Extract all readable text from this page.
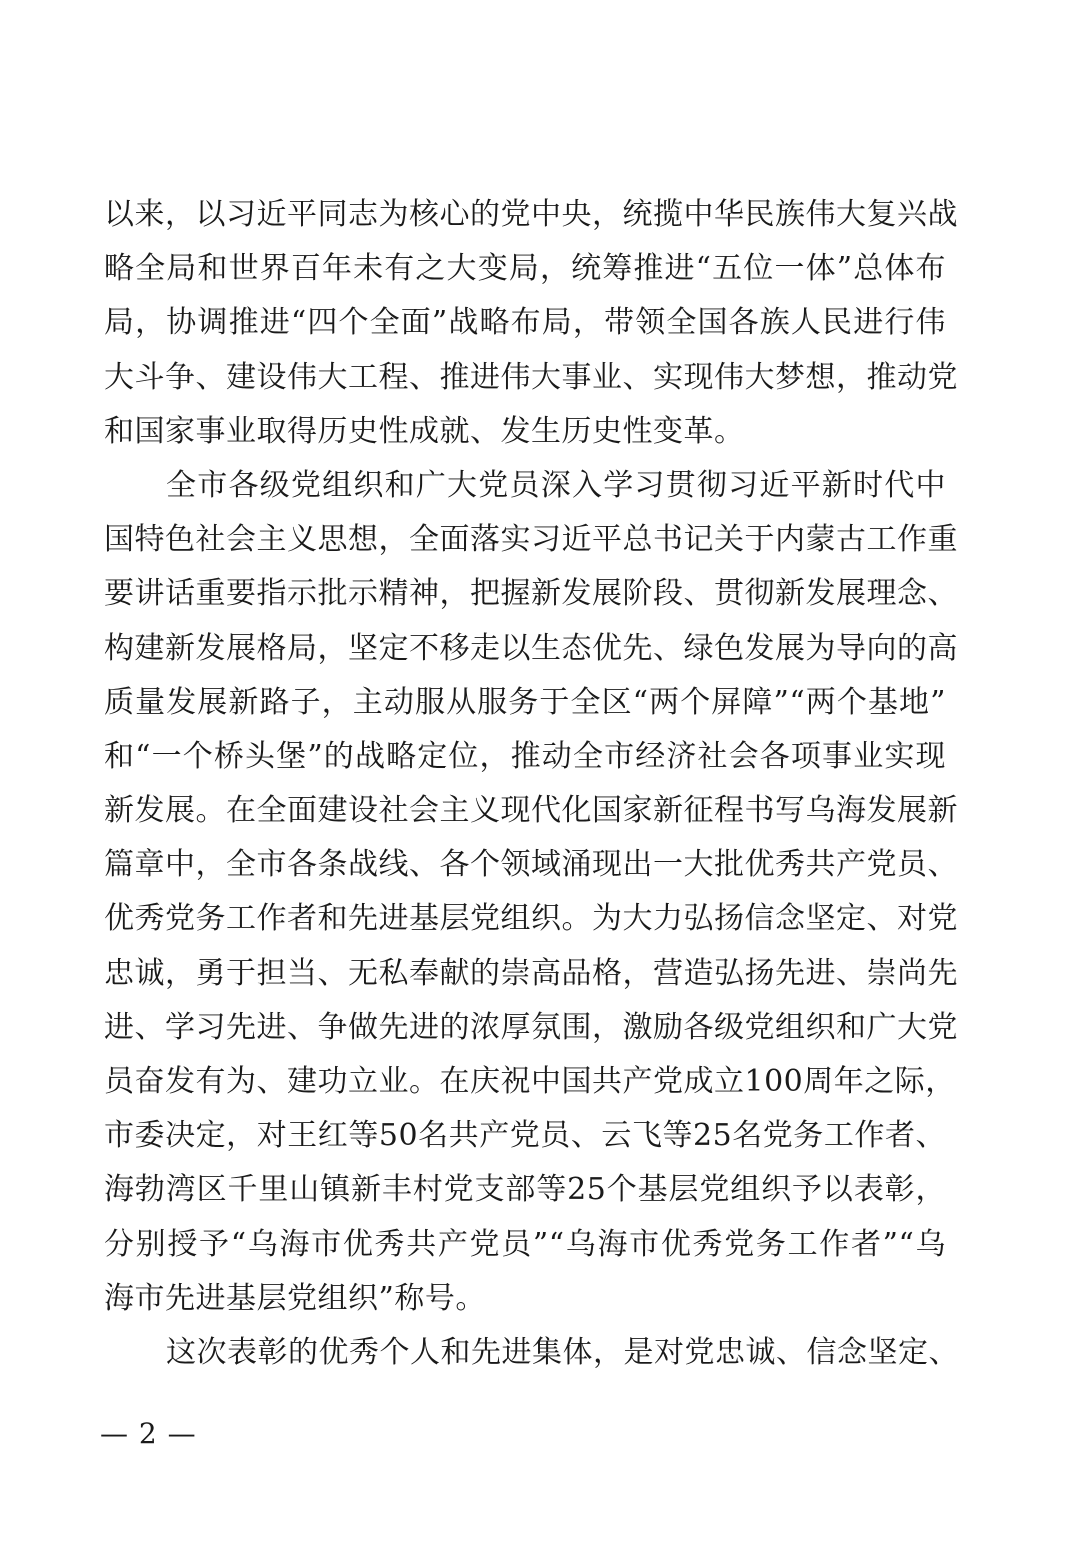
以来，以习近平同志为核心的党中央，统揽中华民族伟大复兴战
略全局和世界百年未有之大变局，统筹推进“五位一体”总体布
局，协调推进“四个全面”战略布局，带领全国各族人民进行伟
大斗争、建设伟大工程、推进伟大事业、实现伟大梦想，推动党
和国家事业取得历史性成就、发生历史性变革。
全市各级党组织和广大党员深入学习贯彻习近平新时代中
国特色社会主义思想，全面落实习近平总书记关于内蒙古工作重
要讲话重要指示批示精神，把握新发展阶段、贯彻新发展理念、
构建新发展格局，坚定不移走以生态优先、绿色发展为导向的高
质量发展新路子，主动服从服务于全区“两个屏障”“两个基地”
和“一个桥头堡”的战略定位，推动全市经济社会各项事业实现
新发展。在全面建设社会主义现代化国家新征程书写乌海发展新
篇章中，全市各条战线、各个领域涌现出一大批优秀共产党员、
优秀党务工作者和先进基层党组织。为大力弘扬信念坚定、对党
忠诚，勇于担当、无私奉献的崇高品格，营造弘扬先进、崇尚先
进、学习先进、争做先进的浓厚氛围，激励各级党组织和广大党
员奋发有为、建功立业。在庆祝中国共产党成立100周年之际，
市委决定，对王红等50名共产党员、云飞等25名党务工作者、
海勃湾区千里山镇新丰村党支部等25个基层党组织予以表彰，
分别授予“乌海市优秀共产党员”“乌海市优秀党务工作者”“乌
海市先进基层党组织”称号。
这次表彰的优秀个人和先进集体，是对党忠诚、信念坚定、
— 2 —
